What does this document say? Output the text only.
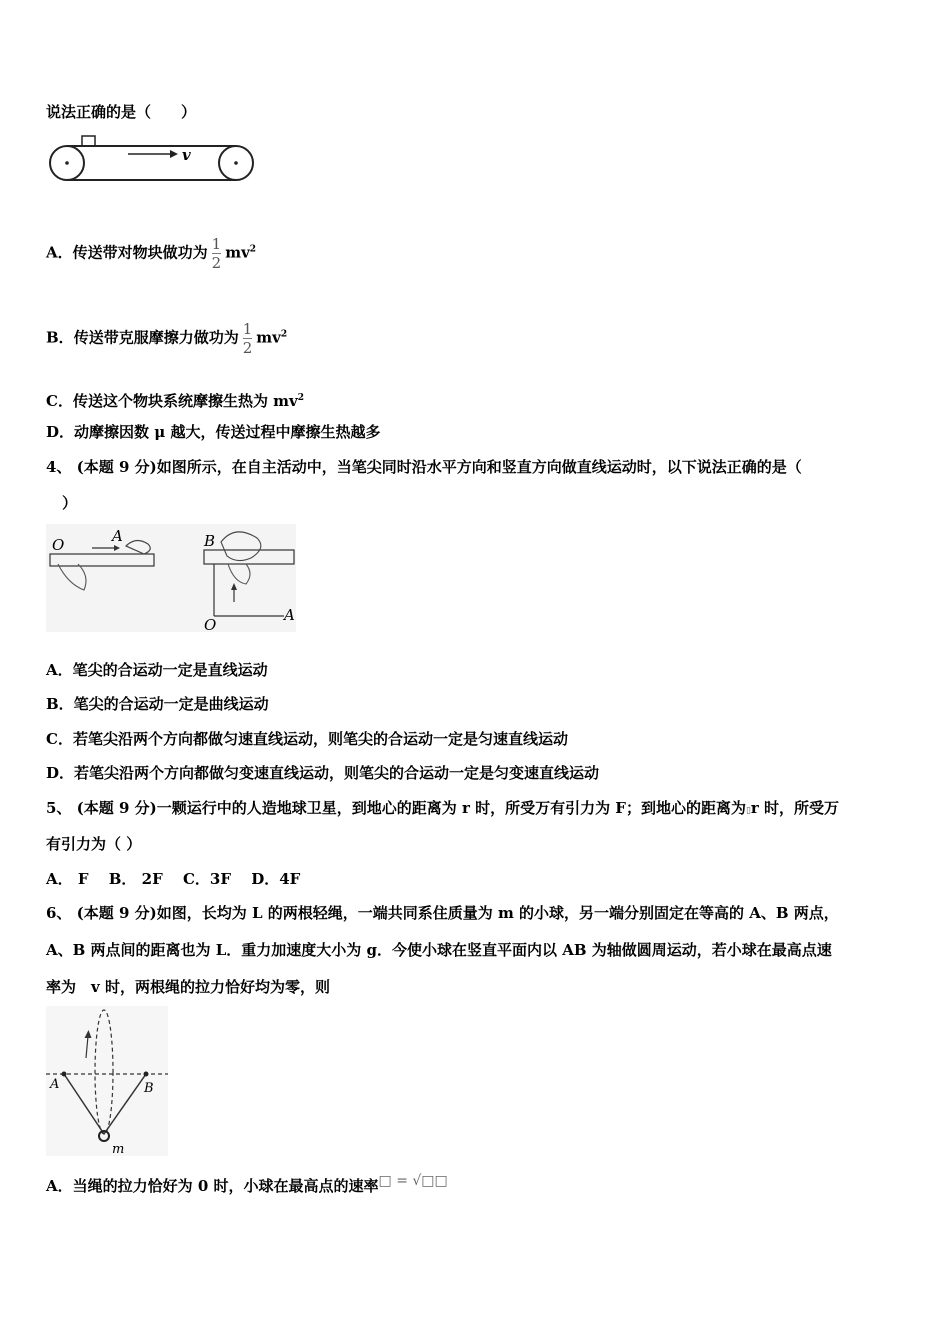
说法正确的是（　　）
v
A．传送带对物块做功为 $\frac{1}{2} mv^2$
B．传送带克服摩擦力做功为 $\frac{1}{2} mv^2$
C．传送这个物块系统摩擦生热为 $mv^2$
D．动摩擦因数 μ 越大，传送过程中摩擦生热越多
4、 (本题 9 分)如图所示，在自主活动中，当笔尖同时沿水平方向和竖直方向做直线运动时，以下说法正确的是（
）
O	A	B
O
A
A．笔尖的合运动一定是直线运动
B．笔尖的合运动一定是曲线运动
C．若笔尖沿两个方向都做匀速直线运动，则笔尖的合运动一定是匀速直线运动
D．若笔尖沿两个方向都做匀变速直线运动，则笔尖的合运动一定是匀变速直线运动
5、 (本题 9 分)一颗运行中的人造地球卫星，到地心的距离为 r 时，所受万有引力为 F；到地心的距离为▯r 时，所受万
有引力为（ ）
A． F　 B． 2F　 C．3F　 D．4F
6、 (本题 9 分)如图，长均为 L 的两根轻绳，一端共同系住质量为 m 的小球，另一端分别固定在等高的 A、B 两点，
A、B 两点间的距离也为 L．重力加速度大小为 g．今使小球在竖直平面内以 AB 为轴做圆周运动，若小球在最高点速
率为　v 时，两根绳的拉力恰好均为零，则
A	B
m
A．当绳的拉力恰好为 0 时，小球在最高点的速率□ = √□□
